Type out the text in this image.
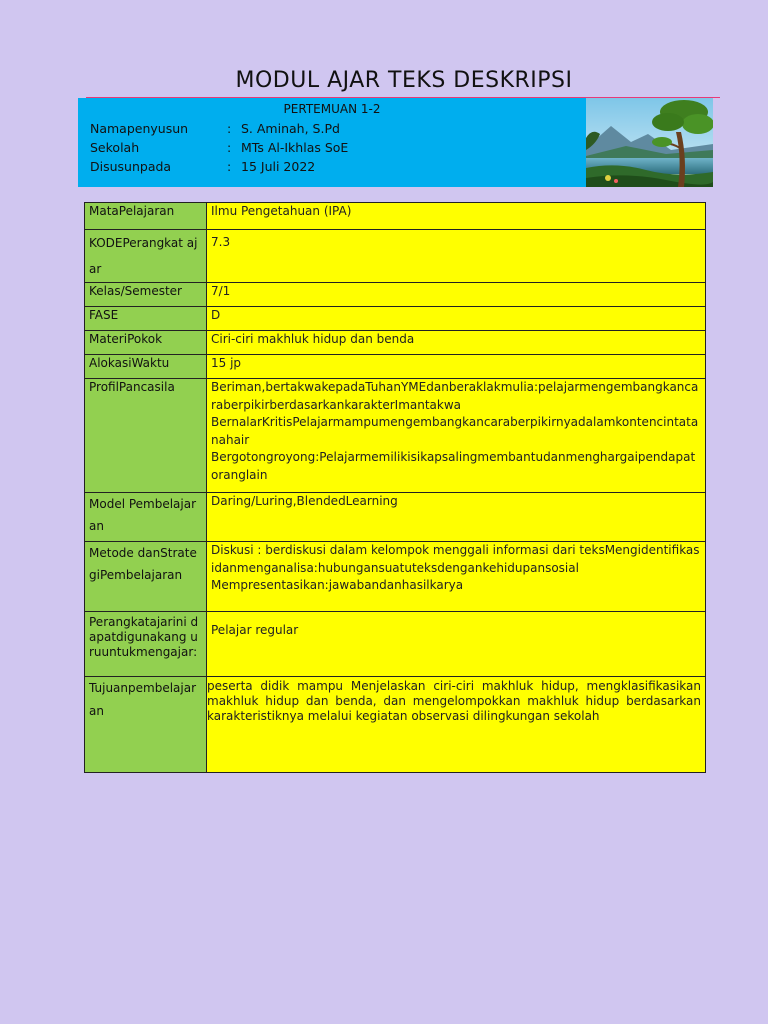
MODUL AJAR TEKS DESKRIPSI
PERTEMUAN 1-2
Namapenyusun	: S. Aminah, S.Pd
Sekolah	: MTs Al-Ikhlas SoE
Disusunpada	: 15 Juli 2022
MataPelajaran	Ilmu Pengetahuan (IPA)
KODEPerangkat ajar	7.3
Kelas/Semester	7/1
FASE	D
MateriPokok	Ciri-ciri makhluk hidup dan benda
AlokasiWaktu	15 jp
ProfilPancasila	Beriman,bertakwakepadaTuhanYMEdanberaklakmulia:pelajarmengembangkancaraberpikirberdasarkankarakterImantakwa
BernalarKritisPelajarmampumengembangkancaraberpikirnyadalamkontencintatanahair
Bergotongroyong:Pelajarmemilikisikapsalingmembantudanmenghargaipendapatoranglain

Model Pembelajaran	Daring/Luring,BlendedLearning
Metode danStrategiPembelajaran	Diskusi : berdiskusi dalam kelompok menggali informasi dari teksMengidentifikasidanmenganalisa:hubungansuatuteksdengankehidupansosial
Mempresentasikan:jawabandanhasilkarya

Perangkatajarini dapatdigunakang uruuntukmengajar:	Pelajar regular
Tujuanpembelajaran	peserta didik mampu Menjelaskan ciri-ciri makhluk hidup, mengklasifikasikan makhluk hidup dan benda, dan mengelompokkan makhluk hidup berdasarkan karakteristiknya melalui kegiatan observasi dilingkungan sekolah
